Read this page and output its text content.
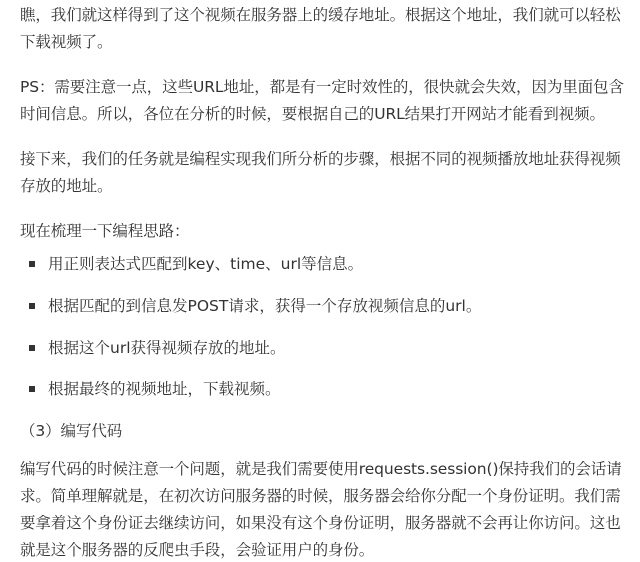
瞧，我们就这样得到了这个视频在服务器上的缓存地址。根据这个地址，我们就可以轻松下载视频了。

PS：需要注意一点，这些URL地址，都是有一定时效性的，很快就会失效，因为里面包含时间信息。所以，各位在分析的时候，要根据自己的URL结果打开网站才能看到视频。

接下来，我们的任务就是编程实现我们所分析的步骤，根据不同的视频播放地址获得视频存放的地址。

现在梳理一下编程思路：

用正则表达式匹配到key、time、url等信息。
根据匹配的到信息发POST请求，获得一个存放视频信息的url。
根据这个url获得视频存放的地址。
根据最终的视频地址，下载视频。

（3）编写代码

编写代码的时候注意一个问题，就是我们需要使用requests.session()保持我们的会话请求。简单理解就是，在初次访问服务器的时候，服务器会给你分配一个身份证明。我们需要拿着这个身份证去继续访问，如果没有这个身份证明，服务器就不会再让你访问。这也就是这个服务器的反爬虫手段，会验证用户的身份。
